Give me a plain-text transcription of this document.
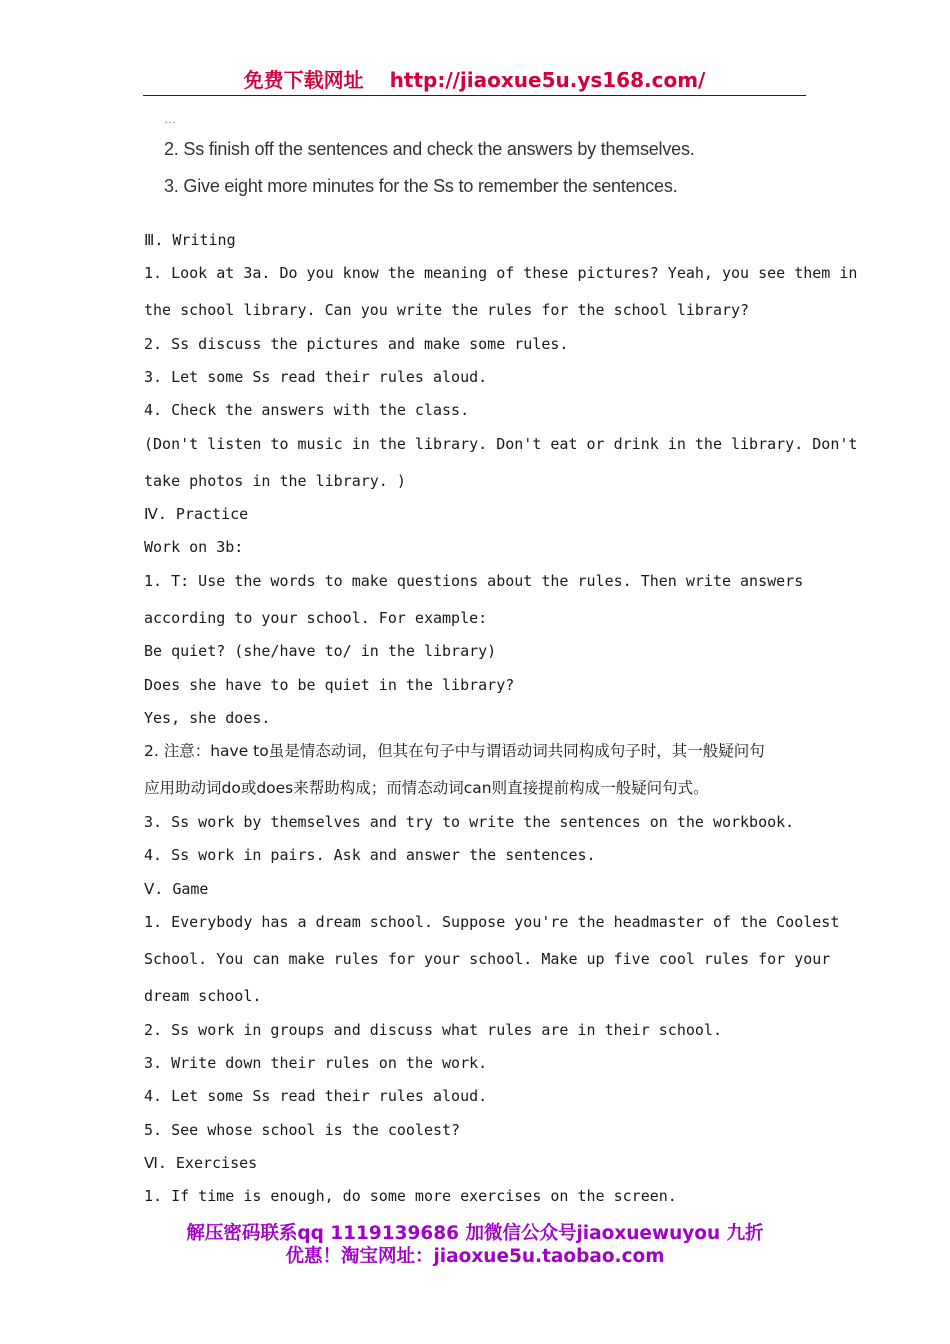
免费下载网址 http://jiaoxue5u.ys168.com/
…
2. Ss finish off the sentences and check the answers by themselves.
3. Give eight more minutes for the Ss to remember the sentences.
Ⅲ. Writing
1. Look at 3a. Do you know the meaning of these pictures? Yeah, you see them in
the school library. Can you write the rules for the school library?
2. Ss discuss the pictures and make some rules.
3. Let some Ss read their rules aloud.
4. Check the answers with the class.
(Don't listen to music in the library. Don't eat or drink in the library. Don't
take photos in the library. )
Ⅳ. Practice
Work on 3b:
1. T: Use the words to make questions about the rules. Then write answers
according to your school. For example:
Be quiet? (she/have to/ in the library)
Does she have to be quiet in the library?
Yes, she does.
2. 注意：have to虽是情态动词，但其在句子中与谓语动词共同构成句子时，其一般疑问句
应用助动词do或does来帮助构成；而情态动词can则直接提前构成一般疑问句式。
3. Ss work by themselves and try to write the sentences on the workbook.
4. Ss work in pairs. Ask and answer the sentences.
Ⅴ. Game
1. Everybody has a dream school. Suppose you're the headmaster of the Coolest
School. You can make rules for your school. Make up five cool rules for your
dream school.
2. Ss work in groups and discuss what rules are in their school.
3. Write down their rules on the work.
4. Let some Ss read their rules aloud.
5. See whose school is the coolest?
Ⅵ. Exercises
1. If time is enough, do some more exercises on the screen.
解压密码联系qq 1119139686 加微信公众号jiaoxuewuyou 九折
优惠！淘宝网址：jiaoxue5u.taobao.com
